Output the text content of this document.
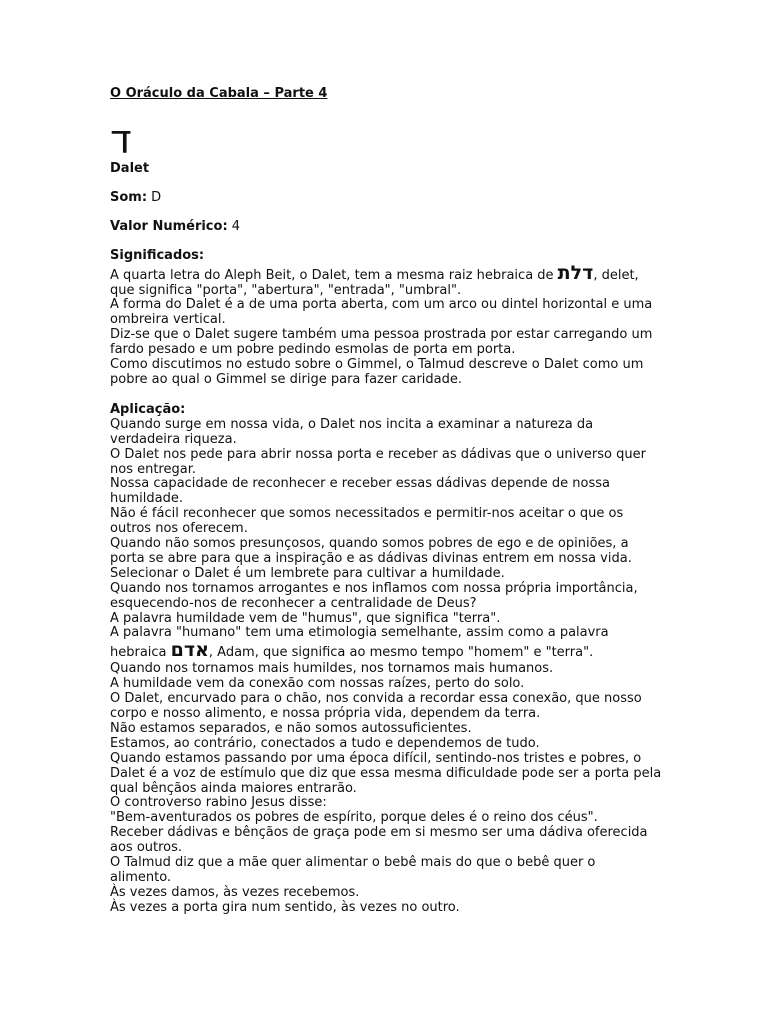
O Oráculo da Cabala – Parte 4

ד

Dalet

Som: D

Valor Numérico: 4

Significados:

A quarta letra do Aleph Beit, o Dalet, tem a mesma raiz hebraica de דלת, delet,

que significa "porta", "abertura", "entrada", "umbral".

A forma do Dalet é a de uma porta aberta, com um arco ou dintel horizontal e uma

ombreira vertical.

Diz-se que o Dalet sugere também uma pessoa prostrada por estar carregando um

fardo pesado e um pobre pedindo esmolas de porta em porta.

Como discutimos no estudo sobre o Gimmel, o Talmud descreve o Dalet como um

pobre ao qual o Gimmel se dirige para fazer caridade.

Aplicação:

Quando surge em nossa vida, o Dalet nos incita a examinar a natureza da

verdadeira riqueza.

O Dalet nos pede para abrir nossa porta e receber as dádivas que o universo quer

nos entregar.

Nossa capacidade de reconhecer e receber essas dádivas depende de nossa

humildade.

Não é fácil reconhecer que somos necessitados e permitir-nos aceitar o que os

outros nos oferecem.

Quando não somos presunçosos, quando somos pobres de ego e de opiniões, a

porta se abre para que a inspiração e as dádivas divinas entrem em nossa vida.

Selecionar o Dalet é um lembrete para cultivar a humildade.

Quando nos tornamos arrogantes e nos inflamos com nossa própria importância,

esquecendo-nos de reconhecer a centralidade de Deus?

A palavra humildade vem de "humus", que significa "terra".

A palavra "humano" tem uma etimologia semelhante, assim como a palavra

hebraica אדם, Adam, que significa ao mesmo tempo "homem" e "terra".

Quando nos tornamos mais humildes, nos tornamos mais humanos.

A humildade vem da conexão com nossas raízes, perto do solo.

O Dalet, encurvado para o chão, nos convida a recordar essa conexão, que nosso

corpo e nosso alimento, e nossa própria vida, dependem da terra.

Não estamos separados, e não somos autossuficientes.

Estamos, ao contrário, conectados a tudo e dependemos de tudo.

Quando estamos passando por uma época difícil, sentindo-nos tristes e pobres, o

Dalet é a voz de estímulo que diz que essa mesma dificuldade pode ser a porta pela

qual bênçãos ainda maiores entrarão.

O controverso rabino Jesus disse:

"Bem-aventurados os pobres de espírito, porque deles é o reino dos céus".

Receber dádivas e bênçãos de graça pode em si mesmo ser uma dádiva oferecida

aos outros.

O Talmud diz que a mãe quer alimentar o bebê mais do que o bebê quer o

alimento.

Às vezes damos, às vezes recebemos.

Às vezes a porta gira num sentido, às vezes no outro.
